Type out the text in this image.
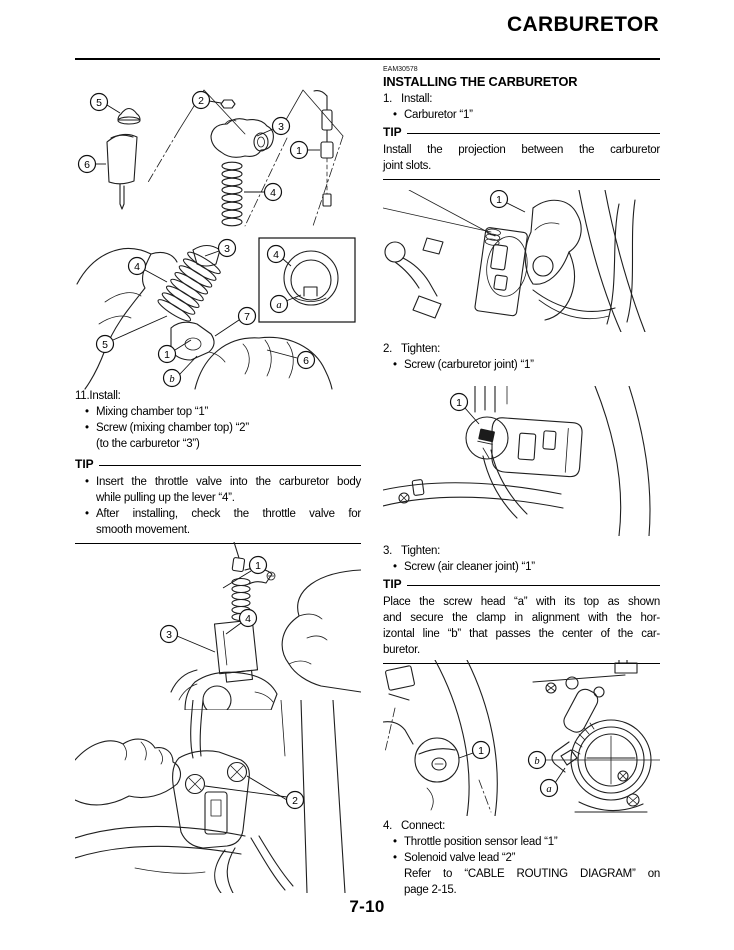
CARBURETOR
5
6
2
3
4
1
4
a
3
4
5
1
7
b
6
11.Install:
• Mixing chamber top “1”
• Screw (mixing chamber top) “2”
(to the carburetor “3”)
TIP
• Insert the throttle valve into the carburetor body
while pulling up the lever “4”.
• After installing, check the throttle valve for
smooth movement.
1
4
3
2
EAM30578
INSTALLING THE CARBURETOR
1. Install:
• Carburetor “1”
TIP
Install the projection between the carburetor
joint slots.
1
2. Tighten:
• Screw (carburetor joint) “1”
1
3. Tighten:
• Screw (air cleaner joint) “1”
TIP
Place the screw head “a” with its top as shown
and secure the clamp in alignment with the hor-
izontal line “b” that passes the center of the car-
buretor.
1
b
a
4. Connect:
• Throttle position sensor lead “1”
• Solenoid valve lead “2”
Refer to “CABLE ROUTING DIAGRAM” on
page 2-15.
7-10
